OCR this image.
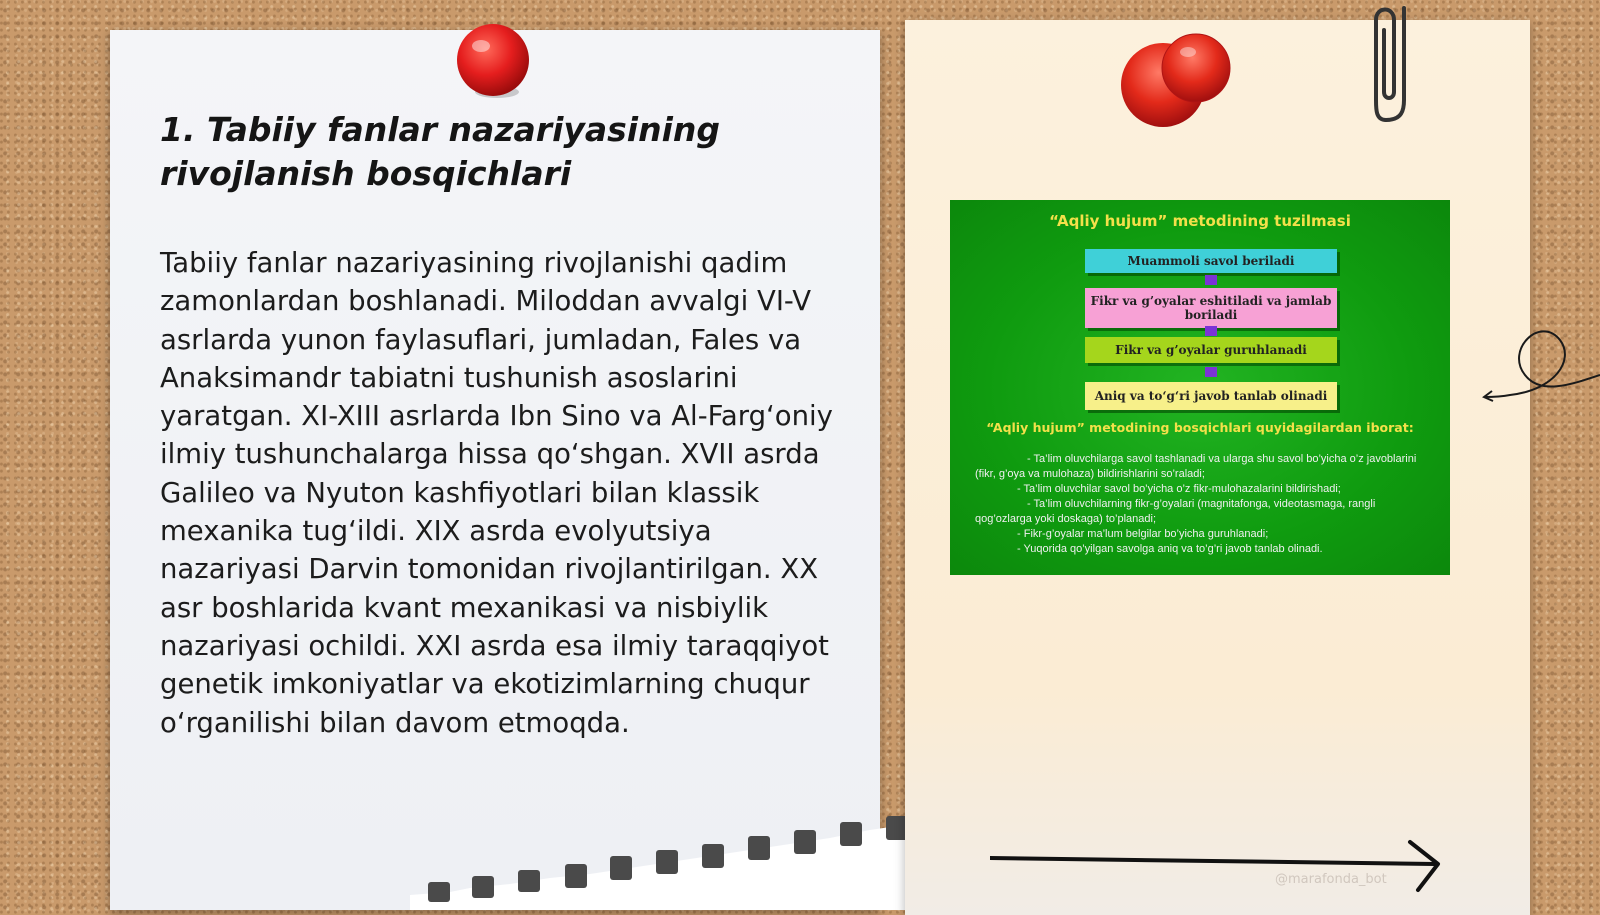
1. Tabiiy fanlar nazariyasining rivojlanish bosqichlari

Tabiiy fanlar nazariyasining rivojlanishi qadim zamonlardan boshlanadi. Miloddan avvalgi VI-V asrlarda yunon faylasuflari, jumladan, Fales va Anaksimandr tabiatni tushunish asoslarini yaratgan. XI-XIII asrlarda Ibn Sino va Al-Farg‘oniy ilmiy tushunchalarga hissa qo‘shgan. XVII asrda Galileo va Nyuton kashfiyotlari bilan klassik mexanika tug‘ildi. XIX asrda evolyutsiya nazariyasi Darvin tomonidan rivojlantirilgan. XX asr boshlarida kvant mexanikasi va nisbiylik nazariyasi ochildi. XXI asrda esa ilmiy taraqqiyot genetik imkoniyatlar va ekotizimlarning chuqur o‘rganilishi bilan davom etmoqda.

“Aqliy hujum” metodining tuzilmasi
Muammoli savol beriladi
Fikr va g’oyalar eshitiladi va jamlab boriladi
Fikr va g’oyalar guruhlanadi
Aniq va to‘g‘ri javob tanlab olinadi
“Aqliy hujum” metodining bosqichlari quyidagilardan iborat:
- Ta’lim oluvchilarga savol tashlanadi va ularga shu savol bo’yicha o’z javoblarini (fikr, g’oya va mulohaza) bildirishlarini so’raladi;
- Ta’lim oluvchilar savol bo’yicha o’z fikr-mulohazalarini bildirishadi;
- Ta’lim oluvchilarning fikr-g’oyalari (magnitafonga, videotasmaga, rangli qog’ozlarga yoki doskaga) to’planadi;
- Fikr-g’oyalar ma’lum belgilar bo’yicha guruhlanadi;
- Yuqorida qo’yilgan savolga aniq va to’g’ri javob tanlab olinadi.
@marafonda_bot
